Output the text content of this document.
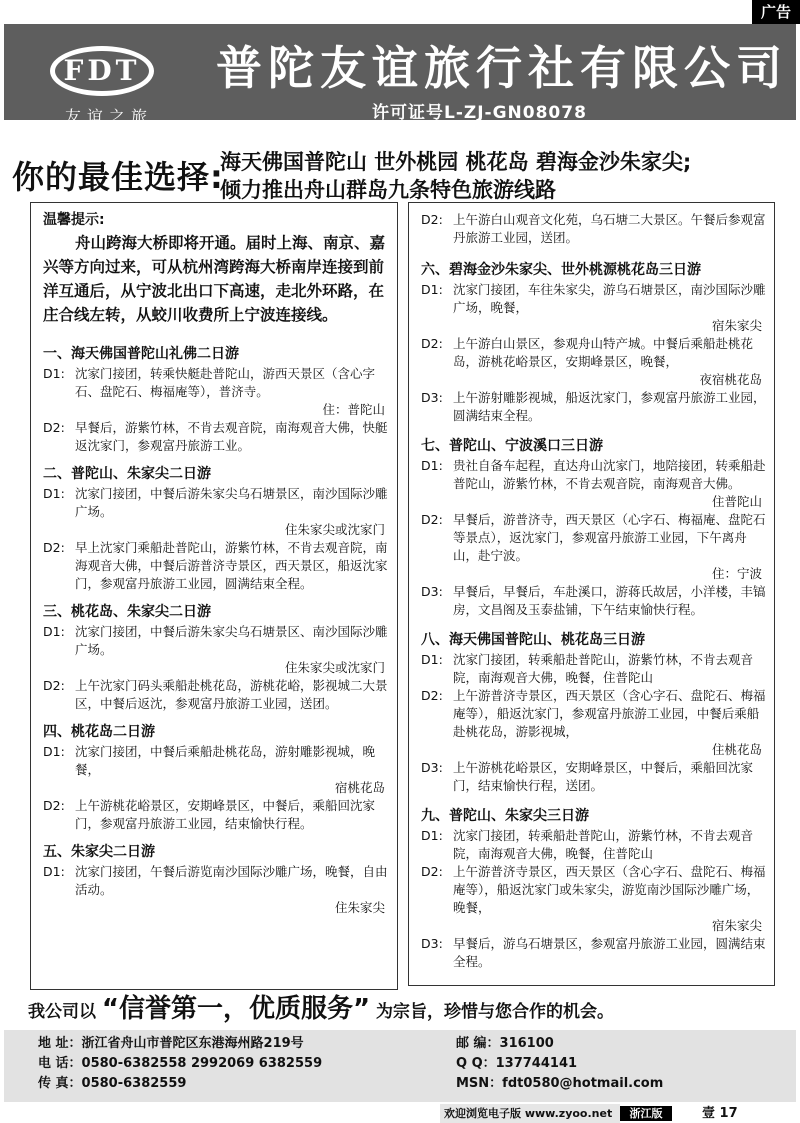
广告
FDT
友谊之旅
普陀友谊旅行社有限公司
许可证号L-ZJ-GN08078
你的最佳选择:
海天佛国普陀山 世外桃园 桃花岛 碧海金沙朱家尖;
倾力推出舟山群岛九条特色旅游线路
温馨提示:
舟山跨海大桥即将开通。届时上海、南京、嘉兴等方向过来，可从杭州湾跨海大桥南岸连接到前洋互通后，从宁波北出口下高速，走北外环路，在庄合线左转，从蛟川收费所上宁波连接线。
一、海天佛国普陀山礼佛二日游
D1: 沈家门接团，转乘快艇赴普陀山，游西天景区（含心字石、盘陀石、梅福庵等），普济寺。
住：普陀山
D2: 早餐后，游紫竹林，不肯去观音院，南海观音大佛，快艇返沈家门，参观富丹旅游工业。
二、普陀山、朱家尖二日游
D1: 沈家门接团，中餐后游朱家尖乌石塘景区，南沙国际沙雕广场。
住朱家尖或沈家门
D2: 早上沈家门乘船赴普陀山，游紫竹林，不肯去观音院，南海观音大佛，中餐后游普济寺景区，西天景区，船返沈家门，参观富丹旅游工业园，圆满结束全程。
三、桃花岛、朱家尖二日游
D1: 沈家门接团，中餐后游朱家尖乌石塘景区、南沙国际沙雕广场。
住朱家尖或沈家门
D2: 上午沈家门码头乘船赴桃花岛，游桃花峪，影视城二大景区，中餐后返沈，参观富丹旅游工业园，送团。
四、桃花岛二日游
D1: 沈家门接团，中餐后乘船赴桃花岛，游射雕影视城，晚餐，
宿桃花岛
D2: 上午游桃花峪景区，安期峰景区，中餐后，乘船回沈家门，参观富丹旅游工业园，结束愉快行程。
五、朱家尖二日游
D1: 沈家门接团，午餐后游览南沙国际沙雕广场，晚餐，自由活动。
住朱家尖
D2: 上午游白山观音文化苑，乌石塘二大景区。午餐后参观富丹旅游工业园，送团。
六、碧海金沙朱家尖、世外桃源桃花岛三日游
D1: 沈家门接团，车往朱家尖，游乌石塘景区，南沙国际沙雕广场，晚餐，
宿朱家尖
D2: 上午游白山景区，参观舟山特产城。中餐后乘船赴桃花岛，游桃花峪景区，安期峰景区，晚餐，
夜宿桃花岛
D3: 上午游射雕影视城，船返沈家门，参观富丹旅游工业园，圆满结束全程。
七、普陀山、宁波溪口三日游
D1: 贵社自备车起程，直达舟山沈家门，地陪接团，转乘船赴普陀山，游紫竹林，不肯去观音院，南海观音大佛。
住普陀山
D2: 早餐后，游普济寺，西天景区（心字石、梅福庵、盘陀石等景点），返沈家门，参观富丹旅游工业园，下午离舟山，赴宁波。
住：宁波
D3: 早餐后，早餐后，车赴溪口，游蒋氏故居，小洋楼，丰镐房，文昌阁及玉泰盐铺，下午结束愉快行程。
八、海天佛国普陀山、桃花岛三日游
D1: 沈家门接团，转乘船赴普陀山，游紫竹林，不肯去观音院，南海观音大佛，晚餐，住普陀山
D2: 上午游普济寺景区，西天景区（含心字石、盘陀石、梅福庵等），船返沈家门，参观富丹旅游工业园，中餐后乘船赴桃花岛，游影视城，
住桃花岛
D3: 上午游桃花峪景区，安期峰景区，中餐后，乘船回沈家门，结束愉快行程，送团。
九、普陀山、朱家尖三日游
D1: 沈家门接团，转乘船赴普陀山，游紫竹林，不肯去观音院，南海观音大佛，晚餐，住普陀山
D2: 上午游普济寺景区，西天景区（含心字石、盘陀石、梅福庵等），船返沈家门或朱家尖，游览南沙国际沙雕广场，晚餐，
宿朱家尖
D3: 早餐后，游乌石塘景区，参观富丹旅游工业园，圆满结束全程。
我公司以 “信誉第一，优质服务” 为宗旨，珍惜与您合作的机会。
地 址：浙江省舟山市普陀区东港海州路219号
电 话：0580-6382558 2992069 6382559
传 真：0580-6382559
邮 编：316100
Q Q：137744141
MSN：fdt0580@hotmail.com
欢迎浏览电子版 www.zyoo.net	浙江版	壹 17
